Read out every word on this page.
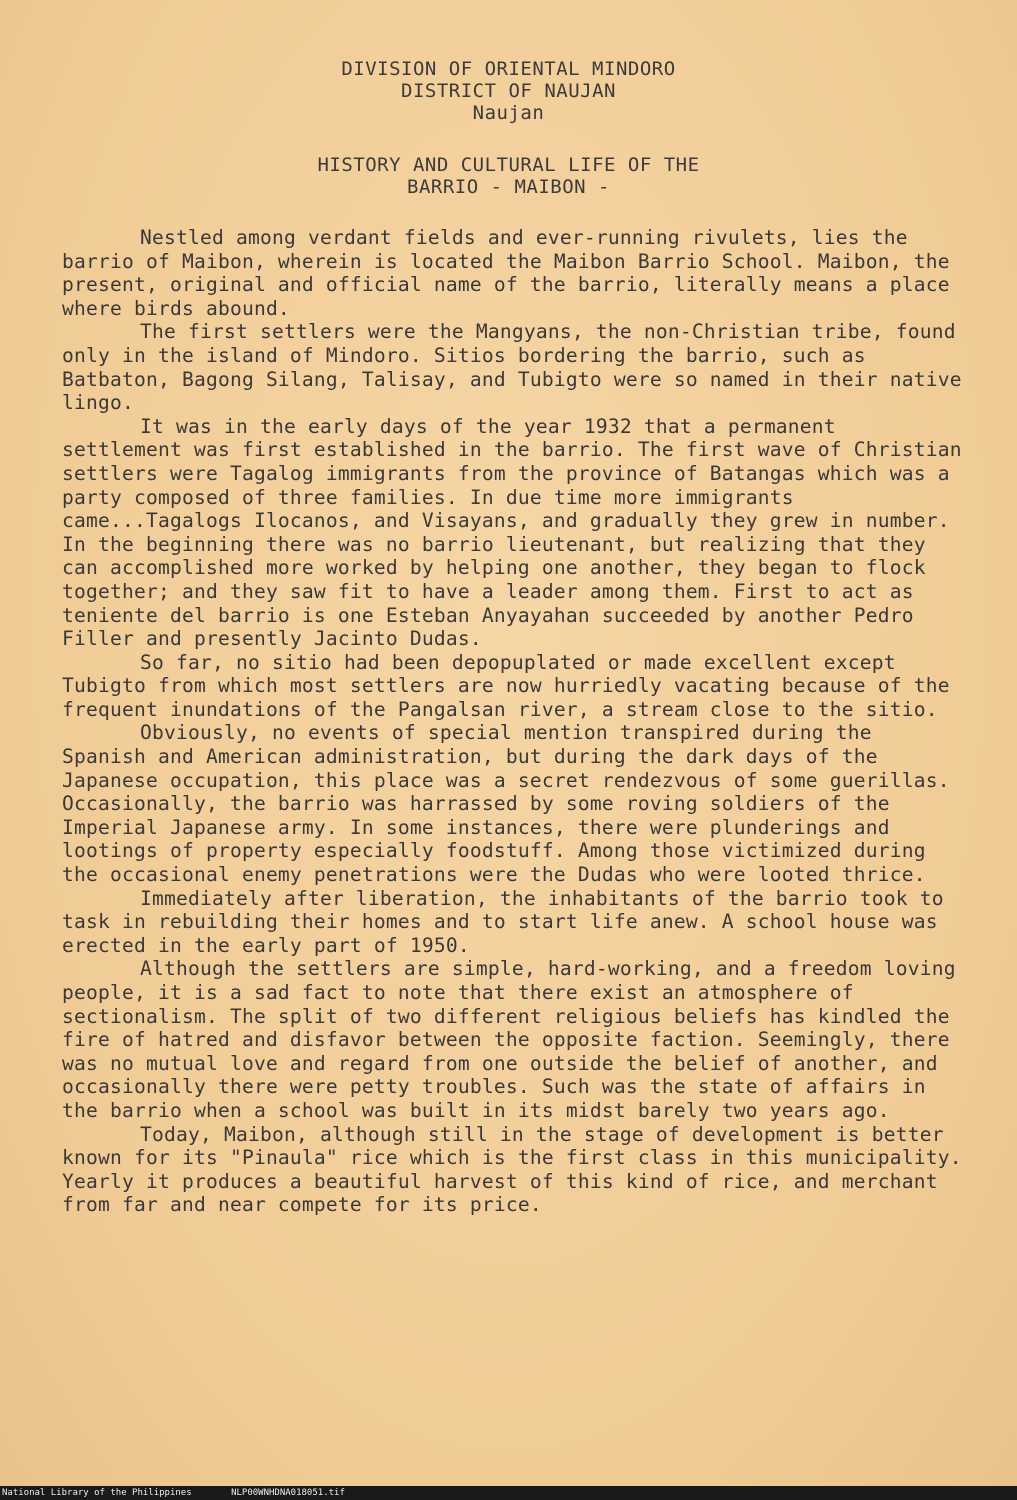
DIVISION OF ORIENTAL MINDORO
DISTRICT OF NAUJAN
Naujan
HISTORY AND CULTURAL LIFE OF THE
BARRIO - MAIBON -

Nestled among verdant fields and ever-running rivulets, lies the barrio of Maibon, wherein is located the Maibon Barrio School. Maibon, the present, original and official name of the barrio, literally means a place where birds abound.

The first settlers were the Mangyans, the non-Christian tribe, found only in the island of Mindoro. Sitios bordering the barrio, such as Batbaton, Bagong Silang, Talisay, and Tubigto were so named in their native lingo.

It was in the early days of the year 1932 that a permanent settlement was first established in the barrio. The first wave of Christian settlers were Tagalog immigrants from the province of Batangas which was a party composed of three families. In due time more immigrants came...Tagalogs Ilocanos, and Visayans, and gradually they grew in number. In the beginning there was no barrio lieutenant, but realizing that they can accomplished more worked by helping one another, they began to flock together; and they saw fit to have a leader among them. First to act as teniente del barrio is one Esteban Anyayahan succeeded by another Pedro Filler and presently Jacinto Dudas.

So far, no sitio had been depopuplated or made excellent except Tubigto from which most settlers are now hurriedly vacating because of the frequent inundations of the Pangalsan river, a stream close to the sitio.

Obviously, no events of special mention transpired during the Spanish and American administration, but during the dark days of the Japanese occupation, this place was a secret rendezvous of some guerillas. Occasionally, the barrio was harrassed by some roving soldiers of the Imperial Japanese army. In some instances, there were plunderings and lootings of property especially foodstuff. Among those victimized during the occasional enemy penetrations were the Dudas who were looted thrice.

Immediately after liberation, the inhabitants of the barrio took to task in rebuilding their homes and to start life anew. A school house was erected in the early part of 1950.

Although the settlers are simple, hard-working, and a freedom loving people, it is a sad fact to note that there exist an atmosphere of sectionalism. The split of two different religious beliefs has kindled the fire of hatred and disfavor between the opposite faction. Seemingly, there was no mutual love and regard from one outside the belief of another, and occasionally there were petty troubles. Such was the state of affairs in the barrio when a school was built in its midst barely two years ago.

Today, Maibon, although still in the stage of development is better known for its "Pinaula" rice which is the first class in this municipality. Yearly it produces a beautiful harvest of this kind of rice, and merchant from far and near compete for its price.

National Library of the Philippines	NLP00WNHDNA018051.tif
